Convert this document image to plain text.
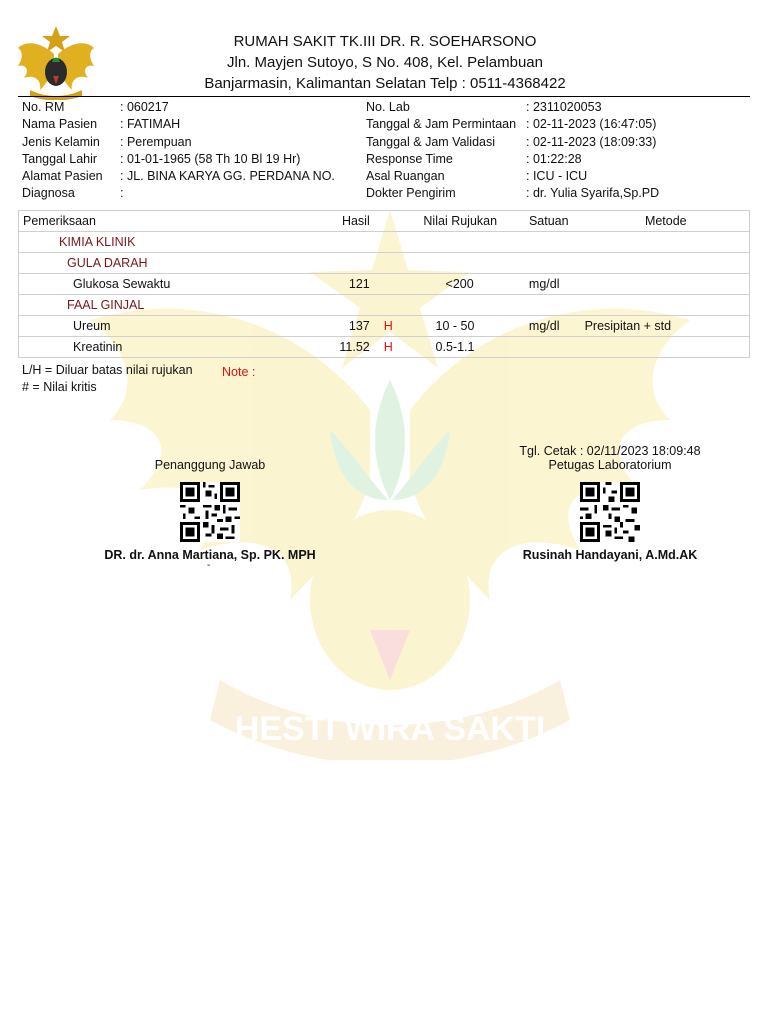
HESTI WIRA SAKTI
RUMAH SAKIT TK.III DR. R. SOEHARSONO
Jln. Mayjen Sutoyo, S No. 408, Kel. Pelambuan
Banjarmasin, Kalimantan Selatan Telp : 0511-4368422
No. RM	: 060217
Nama Pasien	: FATIMAH
Jenis Kelamin	: Perempuan
Tanggal Lahir	: 01-01-1965 (58 Th 10 Bl 19 Hr)
Alamat Pasien	: JL. BINA KARYA GG. PERDANA NO.
Diagnosa	:
No. Lab	: 2311020053
Tanggal & Jam Permintaan : 02-11-2023 (16:47:05)
Tanggal & Jam Validasi	: 02-11-2023 (18:09:33)
Response Time	: 01:22:28
Asal Ruangan	: ICU - ICU
Dokter Pengirim	: dr. Yulia Syarifa,Sp.PD
Pemeriksaan	Hasil		Nilai Rujukan	Satuan	Metode
KIMIA KLINIK					
GULA DARAH					
Glukosa Sewaktu	121		<200	mg/dl	
FAAL GINJAL					
Ureum	137	H	10 - 50	mg/dl	Presipitan + std
Kreatinin	11.52	H	0.5-1.1		
L/H = Diluar batas nilai rujukan
# = Nilai kritis
Note :
Penanggung Jawab
DR. dr. Anna Martiana, Sp. PK. MPH
-
Tgl. Cetak : 02/11/2023 18:09:48
Petugas Laboratorium
Rusinah Handayani, A.Md.AK
